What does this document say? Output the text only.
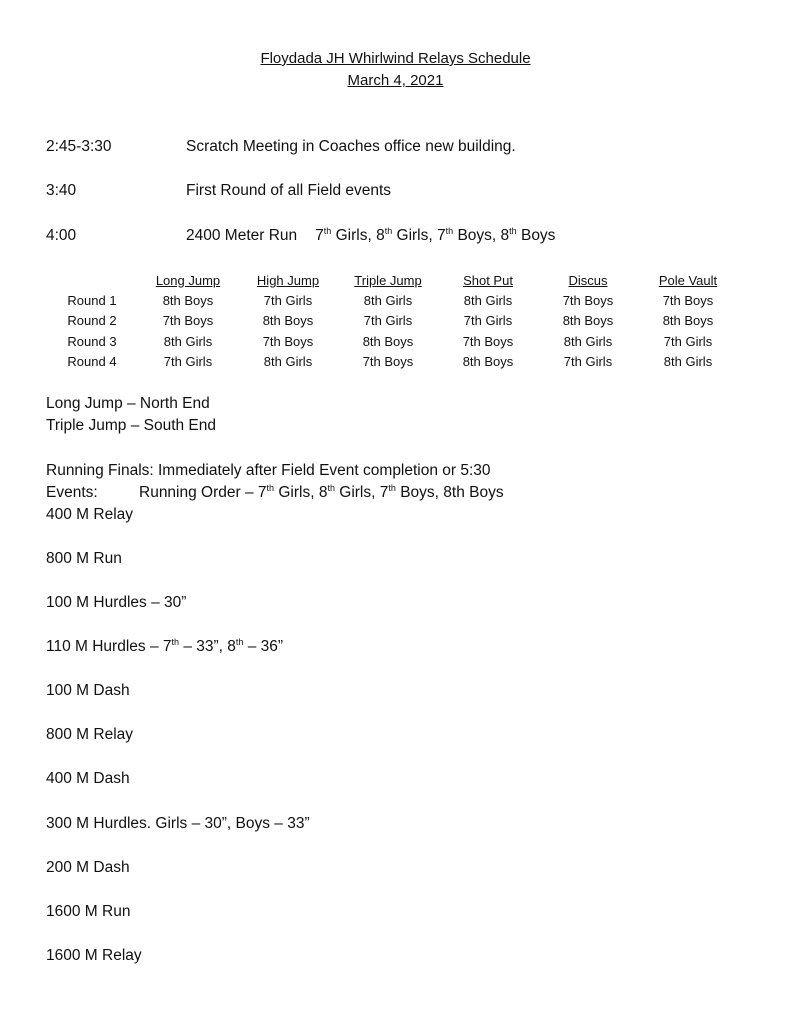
Floydada JH Whirlwind Relays Schedule
March 4, 2021
2:45-3:30	Scratch Meeting in Coaches office new building.
3:40	First Round of all Field events
4:00	2400 Meter Run 7th Girls, 8th Girls, 7th Boys, 8th Boys
	Long Jump	High Jump	Triple Jump	Shot Put	Discus	Pole Vault
Round 1	8th Boys	7th Girls	8th Girls	8th Girls	7th Boys	7th Boys
Round 2	7th Boys	8th Boys	7th Girls	7th Girls	8th Boys	8th Boys
Round 3	8th Girls	7th Boys	8th Boys	7th Boys	8th Girls	7th Girls
Round 4	7th Girls	8th Girls	7th Boys	8th Boys	7th Girls	8th Girls
Long Jump – North End
Triple Jump – South End
Running Finals: Immediately after Field Event completion or 5:30
Events:	Running Order – 7th Girls, 8th Girls, 7th Boys, 8th Boys
400 M Relay
800 M Run
100 M Hurdles – 30”
110 M Hurdles – 7th – 33”, 8th – 36”
100 M Dash
800 M Relay
400 M Dash
300 M Hurdles. Girls – 30”, Boys – 33”
200 M Dash
1600 M Run
1600 M Relay
